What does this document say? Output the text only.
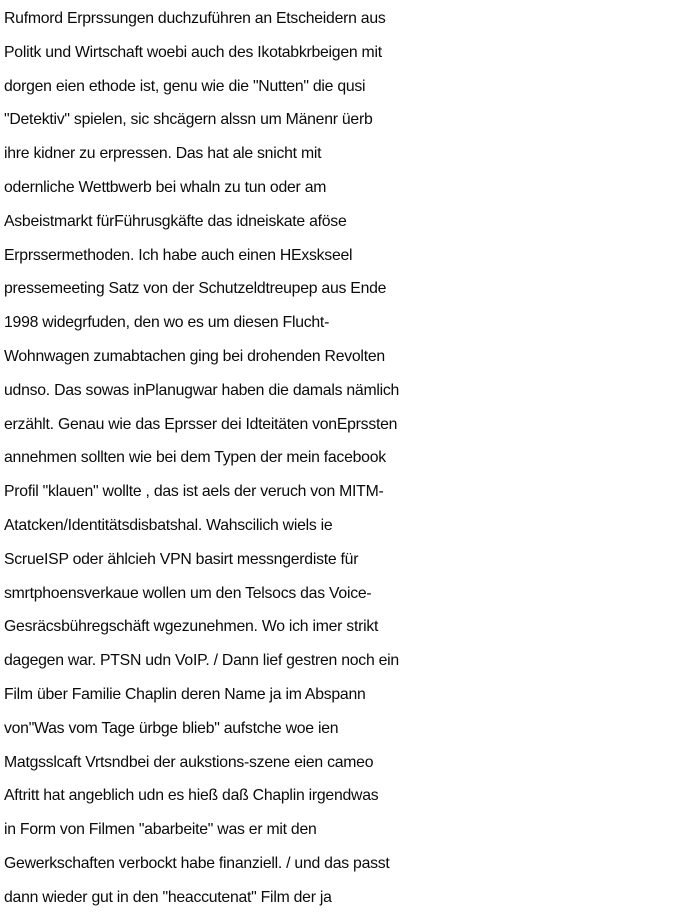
Rufmord Erprssungen duchzuführen an Etscheidern aus
Politk und Wirtschaft woebi auch des Ikotabkrbeigen mit
dorgen eien ethode ist, genu wie die "Nutten" die qusi
"Detektiv" spielen, sic shcägern alssn um Mänenr üerb
ihre kidner zu erpressen. Das hat ale snicht mit
odernliche Wettbwerb bei whaln zu tun oder am
Asbeistmarkt fürFührusgkäfte das idneiskate aföse
Erprssermethoden. Ich habe auch einen HExskseel
pressemeeting Satz von der Schutzeldtreupep aus Ende
1998 widegrfuden, den wo es um diesen Flucht-
Wohnwagen zumabtachen ging bei drohenden Revolten
udnso. Das sowas inPlanugwar haben die damals nämlich
erzählt. Genau wie das Eprsser dei Idteitäten vonEprssten
annehmen sollten wie bei dem Typen der mein facebook
Profil "klauen" wollte , das ist aels der veruch von MITM-
Atatcken/Identitätsdisbatshal. Wahscilich wiels ie
ScrueISP oder ählcieh VPN basirt messngerdiste für
smrtphoensverkaue wollen um den Telsocs das Voice-
Gesräcsbühregschäft wgezunehmen. Wo ich imer strikt
dagegen war. PTSN udn VoIP. / Dann lief gestren noch ein
Film über Familie Chaplin deren Name ja im Abspann
von"Was vom Tage ürbge blieb" aufstche woe ien
Matgsslcaft Vrtsndbei der aukstions-szene eien cameo
Aftritt hat angeblich udn es hieß daß Chaplin irgendwas
in Form von Filmen "abarbeite" was er mit den
Gewerkschaften verbockt habe finanziell. / und das passt
dann wieder gut in den "heaccutenat" Film der ja
